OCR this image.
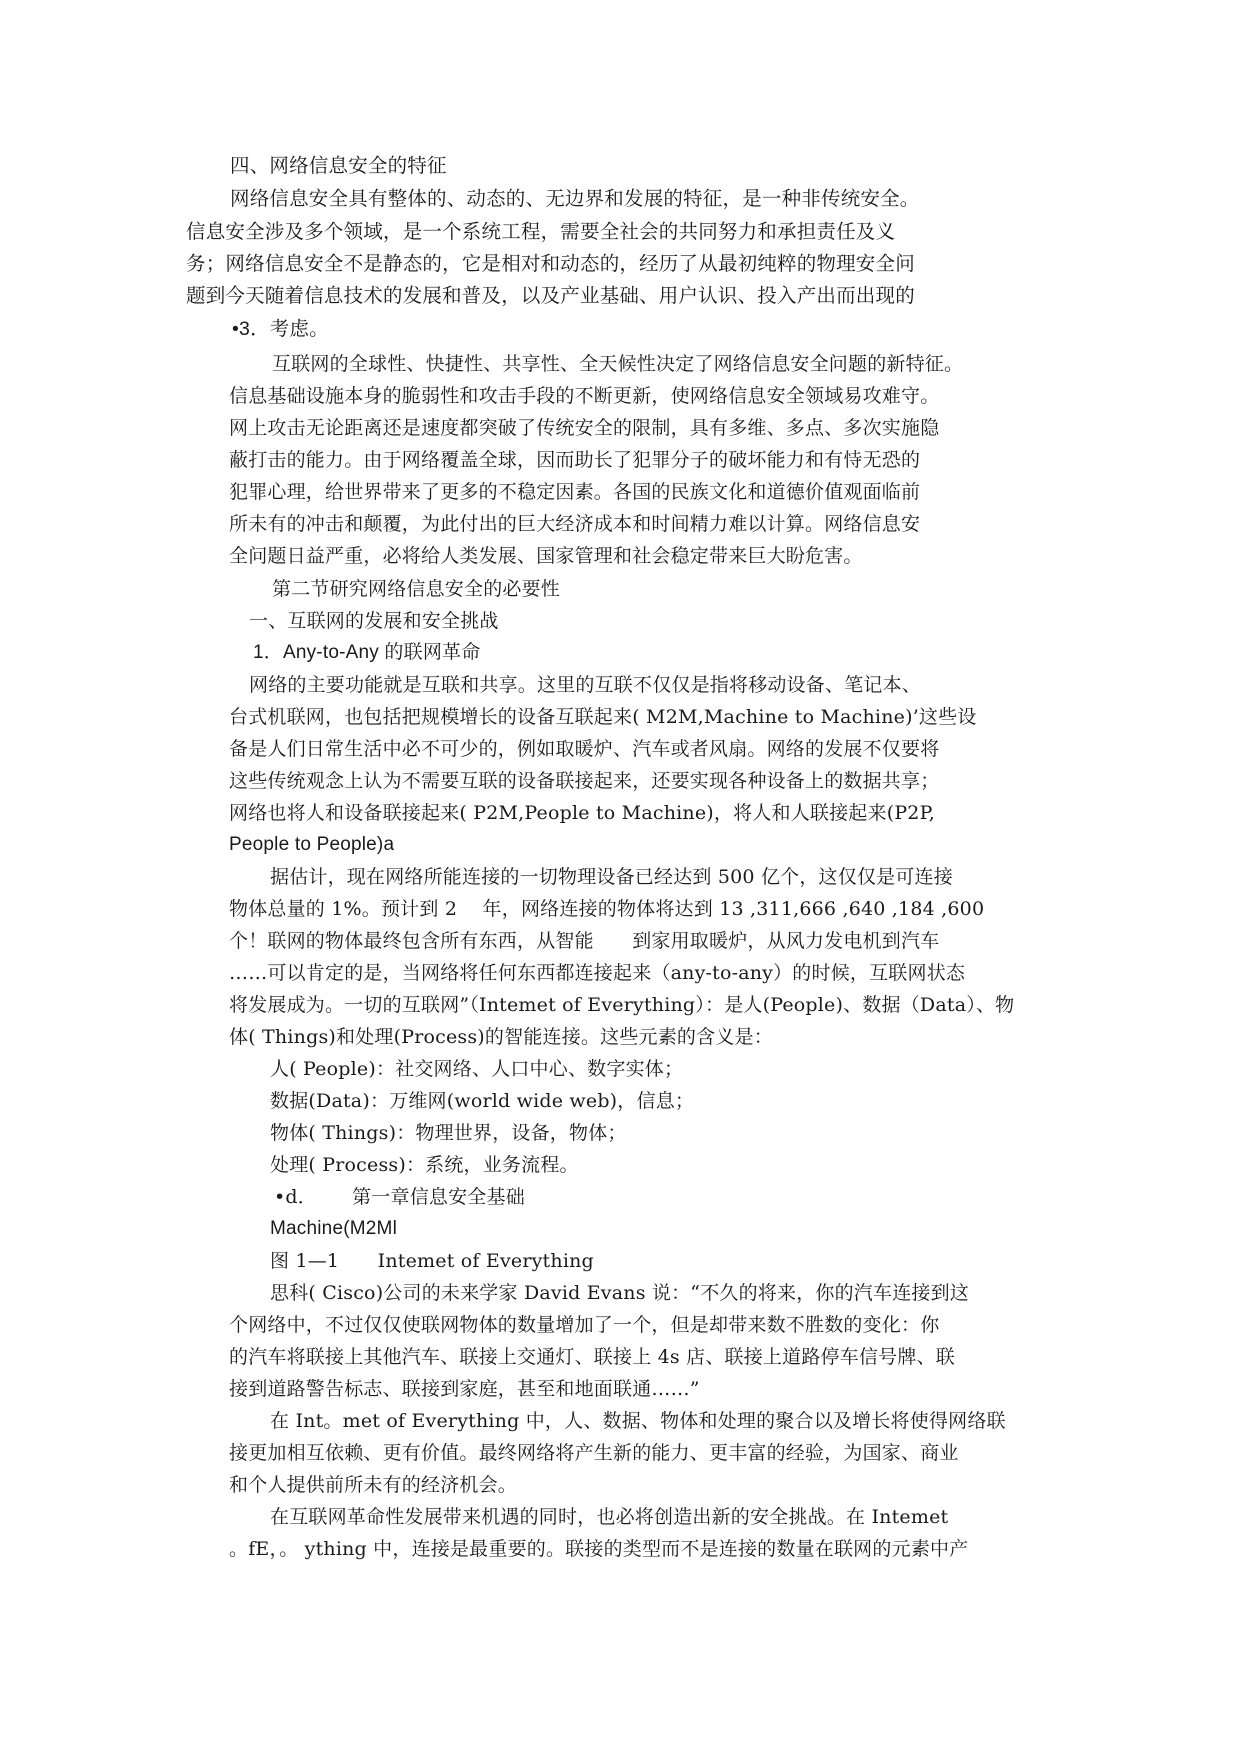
四、网络信息安全的特征
网络信息安全具有整体的、动态的、无边界和发展的特征，是一种非传统安全。
信息安全涉及多个领域，是一个系统工程，需要全社会的共同努力和承担责任及义
务；网络信息安全不是静态的，它是相对和动态的，经历了从最初纯粹的物理安全问
题到今天随着信息技术的发展和普及，以及产业基础、用户认识、投入产出而出现的
•3．考虑。
互联网的全球性、快捷性、共享性、全天候性决定了网络信息安全问题的新特征。
信息基础设施本身的脆弱性和攻击手段的不断更新，使网络信息安全领域易攻难守。
网上攻击无论距离还是速度都突破了传统安全的限制，具有多维、多点、多次实施隐
蔽打击的能力。由于网络覆盖全球，因而助长了犯罪分子的破坏能力和有恃无恐的
犯罪心理，给世界带来了更多的不稳定因素。各国的民族文化和道德价值观面临前
所未有的冲击和颠覆，为此付出的巨大经济成本和时间精力难以计算。网络信息安
全问题日益严重，必将给人类发展、国家管理和社会稳定带来巨大盼危害。
第二节研究网络信息安全的必要性
一、互联网的发展和安全挑战
1．Any-to-Any 的联网革命
网络的主要功能就是互联和共享。这里的互联不仅仅是指将移动设备、笔记本、
台式机联网，也包括把规模增长的设备互联起来( M2M,Machine to Machine)’这些设
备是人们日常生活中必不可少的，例如取暖炉、汽车或者风扇。网络的发展不仅要将
这些传统观念上认为不需要互联的设备联接起来，还要实现各种设备上的数据共享；
网络也将人和设备联接起来( P2M,People to Machine)，将人和人联接起来(P2P,
People to People)a
据估计，现在网络所能连接的一切物理设备已经达到 500 亿个，这仅仅是可连接
物体总量的 1%。预计到 2　 年，网络连接的物体将达到 13 ,311,666 ,640 ,184 ,600
个！联网的物体最终包含所有东西，从智能　　到家用取暖炉，从风力发电机到汽车
……可以肯定的是，当网络将任何东西都连接起来（any-to-any）的时候，互联网状态
将发展成为。一切的互联网”（Intemet of Everything）：是人(People)、数据（Data）、物
体( Things)和处理(Process)的智能连接。这些元素的含义是：
人( People)：社交网络、人口中心、数字实体；
数据(Data)：万维网(world wide web)，信息；
物体( Things)：物理世界，设备，物体；
处理( Process)：系统，业务流程。
•d．　　 第一章信息安全基础
Machine(M2Ml
图 1—1　　Intemet of Everything
思科( Cisco)公司的未来学家 David Evans 说：“不久的将来，你的汽车连接到这
个网络中，不过仅仅使联网物体的数量增加了一个，但是却带来数不胜数的变化：你
的汽车将联接上其他汽车、联接上交通灯、联接上 4s 店、联接上道路停车信号牌、联
接到道路警告标志、联接到家庭，甚至和地面联通……”
在 Int。met of Everything 中，人、数据、物体和处理的聚合以及增长将使得网络联
接更加相互依赖、更有价值。最终网络将产生新的能力、更丰富的经验，为国家、商业
和个人提供前所未有的经济机会。
在互联网革命性发展带来机遇的同时，也必将创造出新的安全挑战。在 Intemet
。fE，。 ything 中，连接是最重要的。联接的类型而不是连接的数量在联网的元素中产
